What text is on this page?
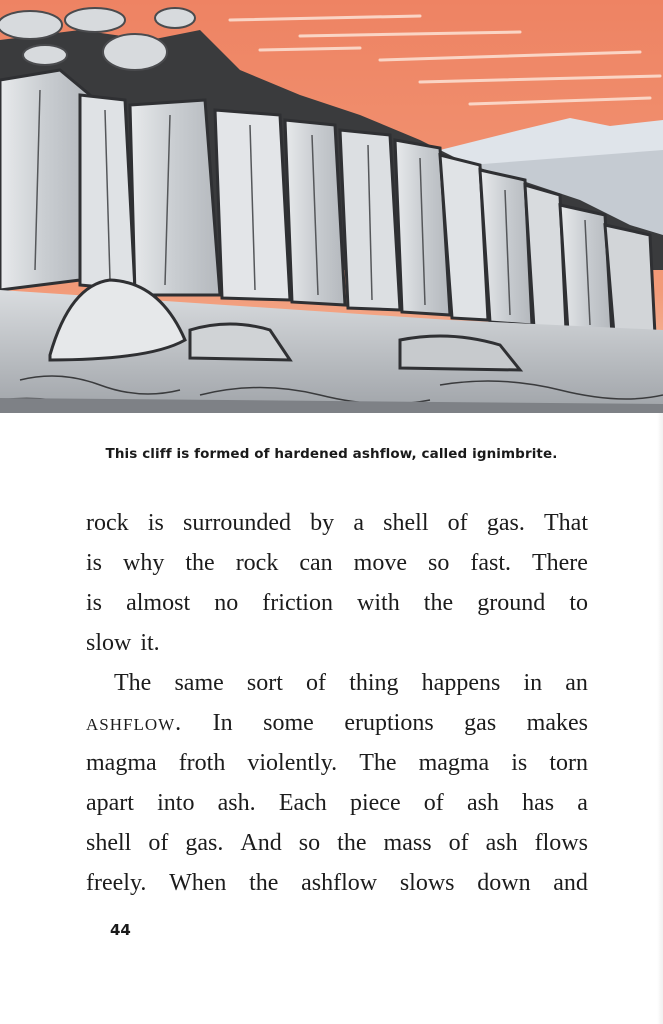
This cliff is formed of hardened ashflow, called ignimbrite.
rock is surrounded by a shell of gas. That
is why the rock can move so fast. There
is almost no friction with the ground to
slow it.
The same sort of thing happens in an
ashflow. In some eruptions gas makes
magma froth violently. The magma is torn
apart into ash. Each piece of ash has a
shell of gas. And so the mass of ash flows
freely. When the ashflow slows down and
44
